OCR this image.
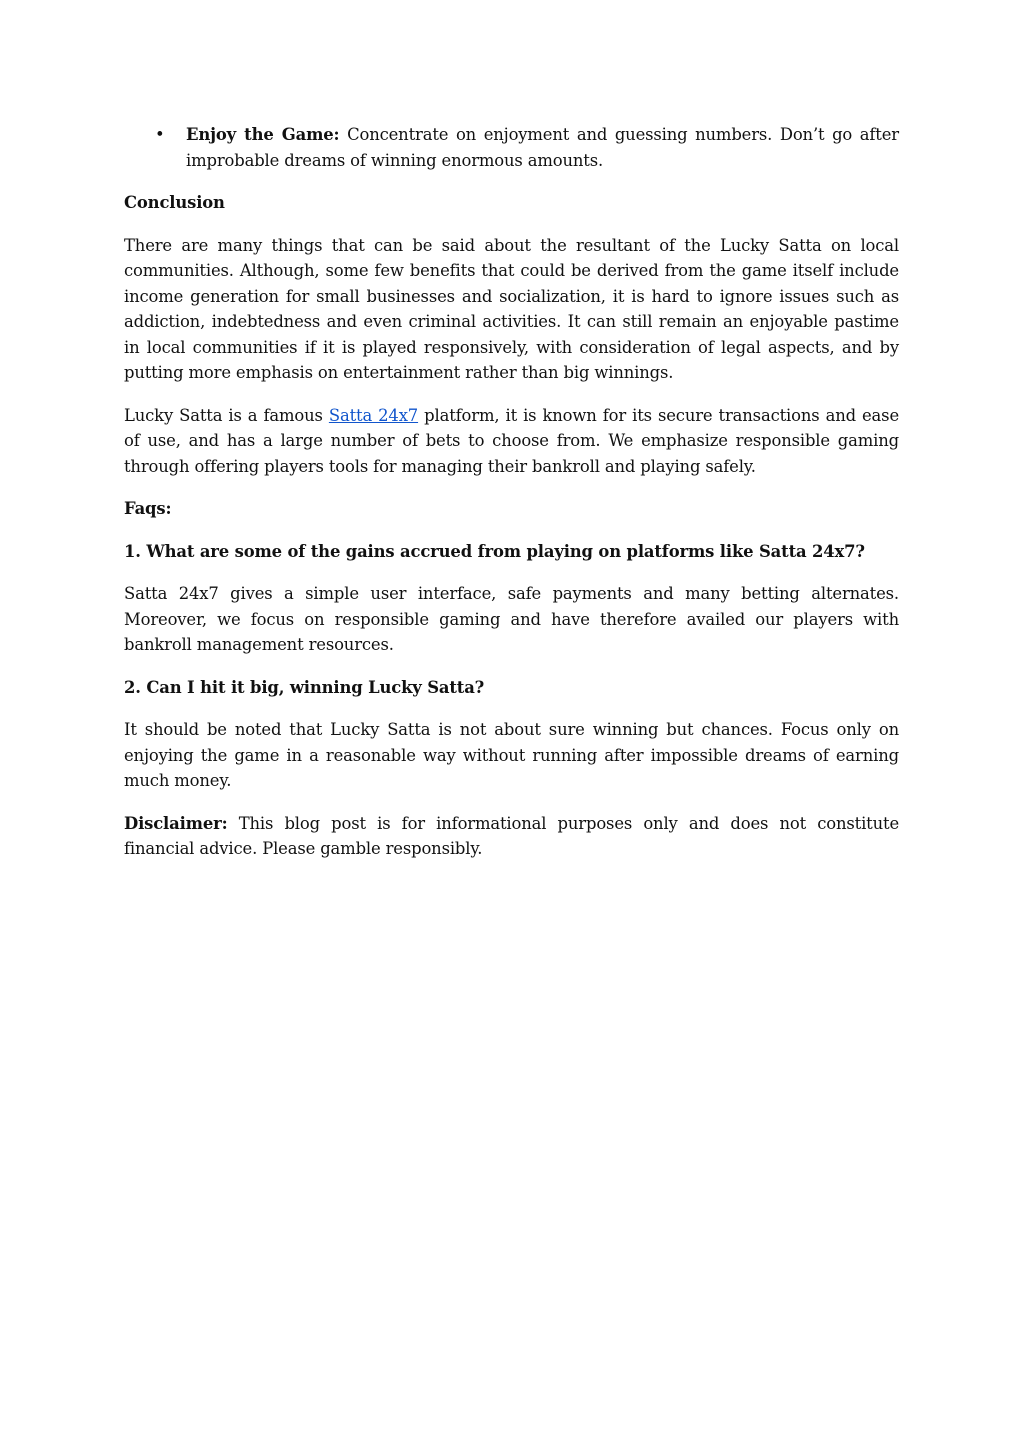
• Enjoy the Game: Concentrate on enjoyment and guessing numbers. Don’t go after improbable dreams of winning enormous amounts.
Conclusion

There are many things that can be said about the resultant of the Lucky Satta on local communities. Although, some few benefits that could be derived from the game itself include income generation for small businesses and socialization, it is hard to ignore issues such as addiction, indebtedness and even criminal activities. It can still remain an enjoyable pastime in local communities if it is played responsively, with consideration of legal aspects, and by putting more emphasis on entertainment rather than big winnings.

Lucky Satta is a famous Satta 24x7 platform, it is known for its secure transactions and ease of use, and has a large number of bets to choose from. We emphasize responsible gaming through offering players tools for managing their bankroll and playing safely.

Faqs:
1. What are some of the gains accrued from playing on platforms like Satta 24x7?

Satta 24x7 gives a simple user interface, safe payments and many betting alternates. Moreover, we focus on responsible gaming and have therefore availed our players with bankroll management resources.

2. Can I hit it big, winning Lucky Satta?

It should be noted that Lucky Satta is not about sure winning but chances. Focus only on enjoying the game in a reasonable way without running after impossible dreams of earning much money.

Disclaimer: This blog post is for informational purposes only and does not constitute financial advice. Please gamble responsibly.
